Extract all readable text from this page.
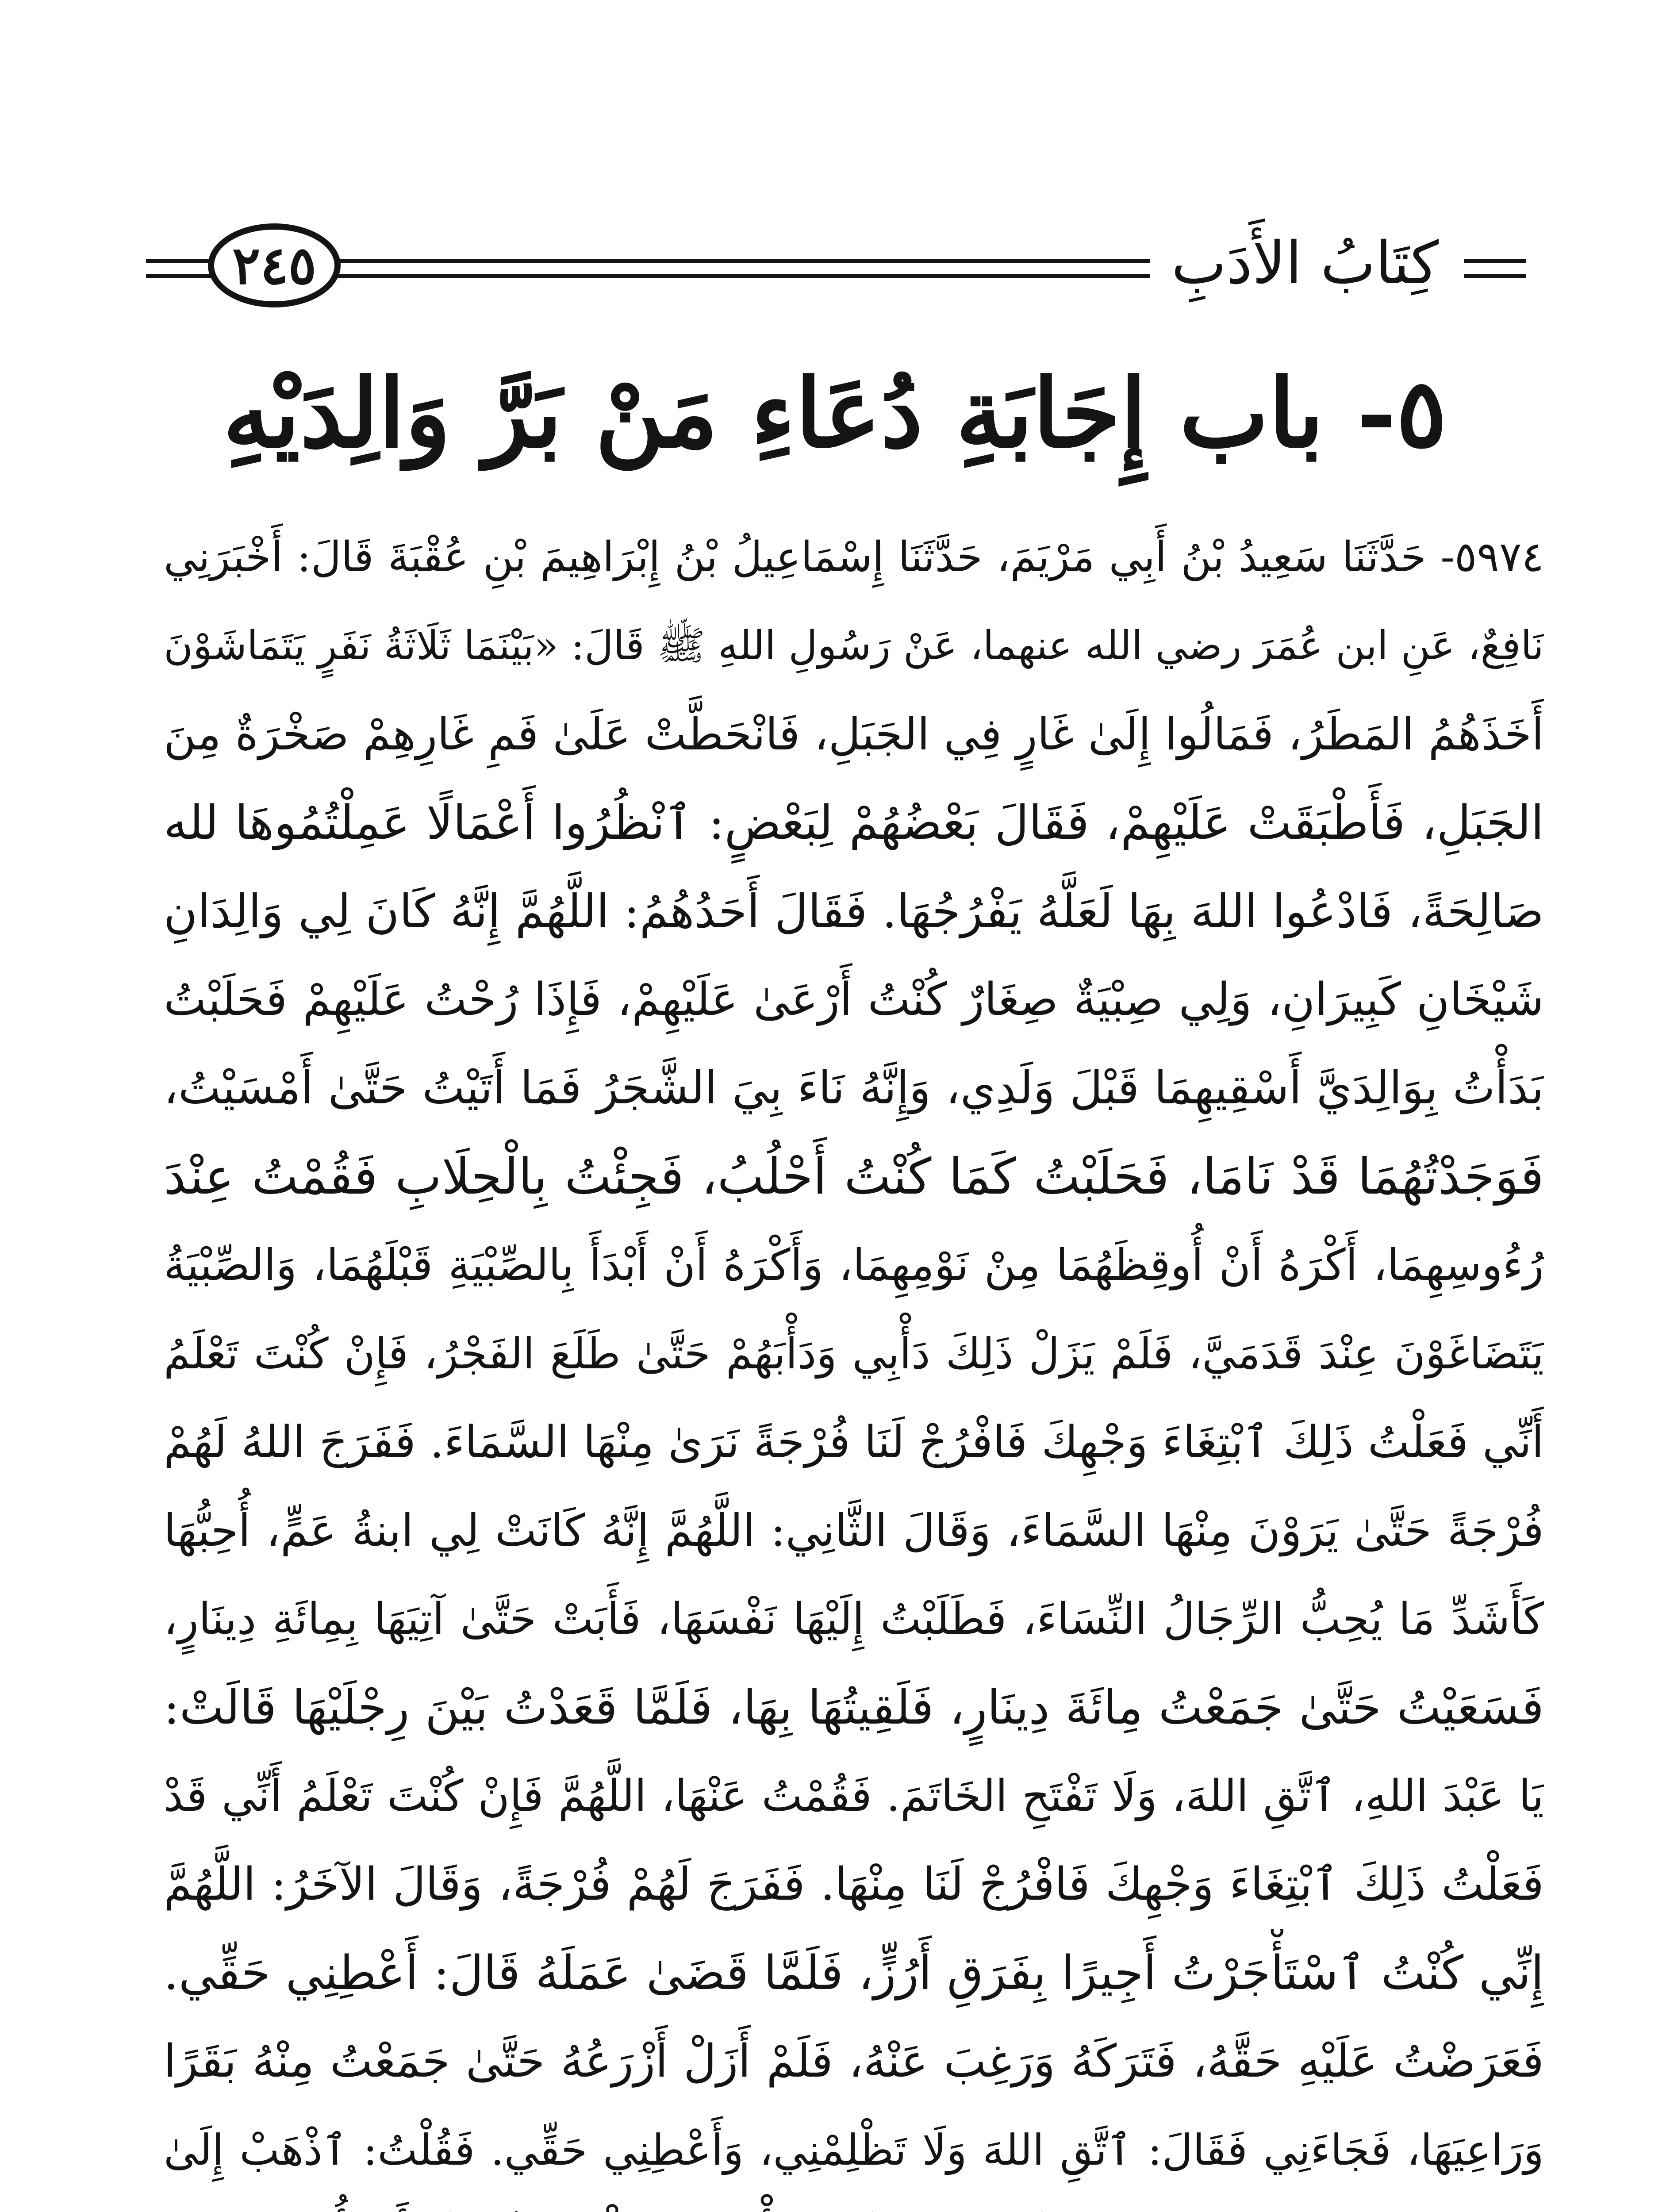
٢٤٥	كِتَابُ الأَدَبِ
٥- باب إِجَابَةِ دُعَاءِ مَنْ بَرَّ وَالِدَيْهِ
٥٩٧٤- حَدَّثَنَا سَعِيدُ بْنُ أَبِي مَرْيَمَ، حَدَّثَنَا إِسْمَاعِيلُ بْنُ إِبْرَاهِيمَ بْنِ عُقْبَةَ قَالَ: أَخْبَرَنِي
نَافِعٌ، عَنِ ابن عُمَرَ رضي الله عنهما، عَنْ رَسُولِ اللهِ ﷺ قَالَ: «بَيْنَمَا ثَلَاثَةُ نَفَرٍ يَتَمَاشَوْنَ
أَخَذَهُمُ المَطَرُ، فَمَالُوا إِلَىٰ غَارٍ فِي الجَبَلِ، فَانْحَطَّتْ عَلَىٰ فَمِ غَارِهِمْ صَخْرَةٌ مِنَ
الجَبَلِ، فَأَطْبَقَتْ عَلَيْهِمْ، فَقَالَ بَعْضُهُمْ لِبَعْضٍ: ٱنْظُرُوا أَعْمَالًا عَمِلْتُمُوهَا لله
صَالِحَةً، فَادْعُوا اللهَ بِهَا لَعَلَّهُ يَفْرُجُهَا. فَقَالَ أَحَدُهُمُ: اللَّهُمَّ إِنَّهُ كَانَ لِي وَالِدَانِ
شَيْخَانِ كَبِيرَانِ، وَلِي صِبْيَةٌ صِغَارٌ كُنْتُ أَرْعَىٰ عَلَيْهِمْ، فَإِذَا رُحْتُ عَلَيْهِمْ فَحَلَبْتُ
بَدَأْتُ بِوَالِدَيَّ أَسْقِيهِمَا قَبْلَ وَلَدِي، وَإِنَّهُ نَاءَ بِيَ الشَّجَرُ فَمَا أَتَيْتُ حَتَّىٰ أَمْسَيْتُ،
فَوَجَدْتُهُمَا قَدْ نَامَا، فَحَلَبْتُ كَمَا كُنْتُ أَحْلُبُ، فَجِئْتُ بِالْحِلَابِ فَقُمْتُ عِنْدَ
رُءُوسِهِمَا، أَكْرَهُ أَنْ أُوقِظَهُمَا مِنْ نَوْمِهِمَا، وَأَكْرَهُ أَنْ أَبْدَأَ بِالصِّبْيَةِ قَبْلَهُمَا، وَالصِّبْيَةُ
يَتَضَاغَوْنَ عِنْدَ قَدَمَيَّ، فَلَمْ يَزَلْ ذَلِكَ دَأْبِي وَدَأْبَهُمْ حَتَّىٰ طَلَعَ الفَجْرُ، فَإِنْ كُنْتَ تَعْلَمُ
أَنِّي فَعَلْتُ ذَلِكَ ٱبْتِغَاءَ وَجْهِكَ فَافْرُجْ لَنَا فُرْجَةً نَرَىٰ مِنْهَا السَّمَاءَ. فَفَرَجَ اللهُ لَهُمْ
فُرْجَةً حَتَّىٰ يَرَوْنَ مِنْهَا السَّمَاءَ، وَقَالَ الثَّانِي: اللَّهُمَّ إِنَّهُ كَانَتْ لِي ابنةُ عَمٍّ، أُحِبُّهَا
كَأَشَدِّ مَا يُحِبُّ الرِّجَالُ النِّسَاءَ، فَطَلَبْتُ إِلَيْهَا نَفْسَهَا، فَأَبَتْ حَتَّىٰ آتِيَهَا بِمِائَةِ دِينَارٍ،
فَسَعَيْتُ حَتَّىٰ جَمَعْتُ مِائَةَ دِينَارٍ، فَلَقِيتُهَا بِهَا، فَلَمَّا قَعَدْتُ بَيْنَ رِجْلَيْهَا قَالَتْ:
يَا عَبْدَ اللهِ، ٱتَّقِ اللهَ، وَلَا تَفْتَحِ الخَاتَمَ. فَقُمْتُ عَنْهَا، اللَّهُمَّ فَإِنْ كُنْتَ تَعْلَمُ أَنِّي قَدْ
فَعَلْتُ ذَلِكَ ٱبْتِغَاءَ وَجْهِكَ فَافْرُجْ لَنَا مِنْهَا. فَفَرَجَ لَهُمْ فُرْجَةً، وَقَالَ الآخَرُ: اللَّهُمَّ
إِنِّي كُنْتُ ٱسْتَأْجَرْتُ أَجِيرًا بِفَرَقِ أَرُزٍّ، فَلَمَّا قَضَىٰ عَمَلَهُ قَالَ: أَعْطِنِي حَقِّي.
فَعَرَضْتُ عَلَيْهِ حَقَّهُ، فَتَرَكَهُ وَرَغِبَ عَنْهُ، فَلَمْ أَزَلْ أَزْرَعُهُ حَتَّىٰ جَمَعْتُ مِنْهُ بَقَرًا
وَرَاعِيَهَا، فَجَاءَنِي فَقَالَ: ٱتَّقِ اللهَ وَلَا تَظْلِمْنِي، وَأَعْطِنِي حَقِّي. فَقُلْتُ: ٱذْهَبْ إِلَىٰ
